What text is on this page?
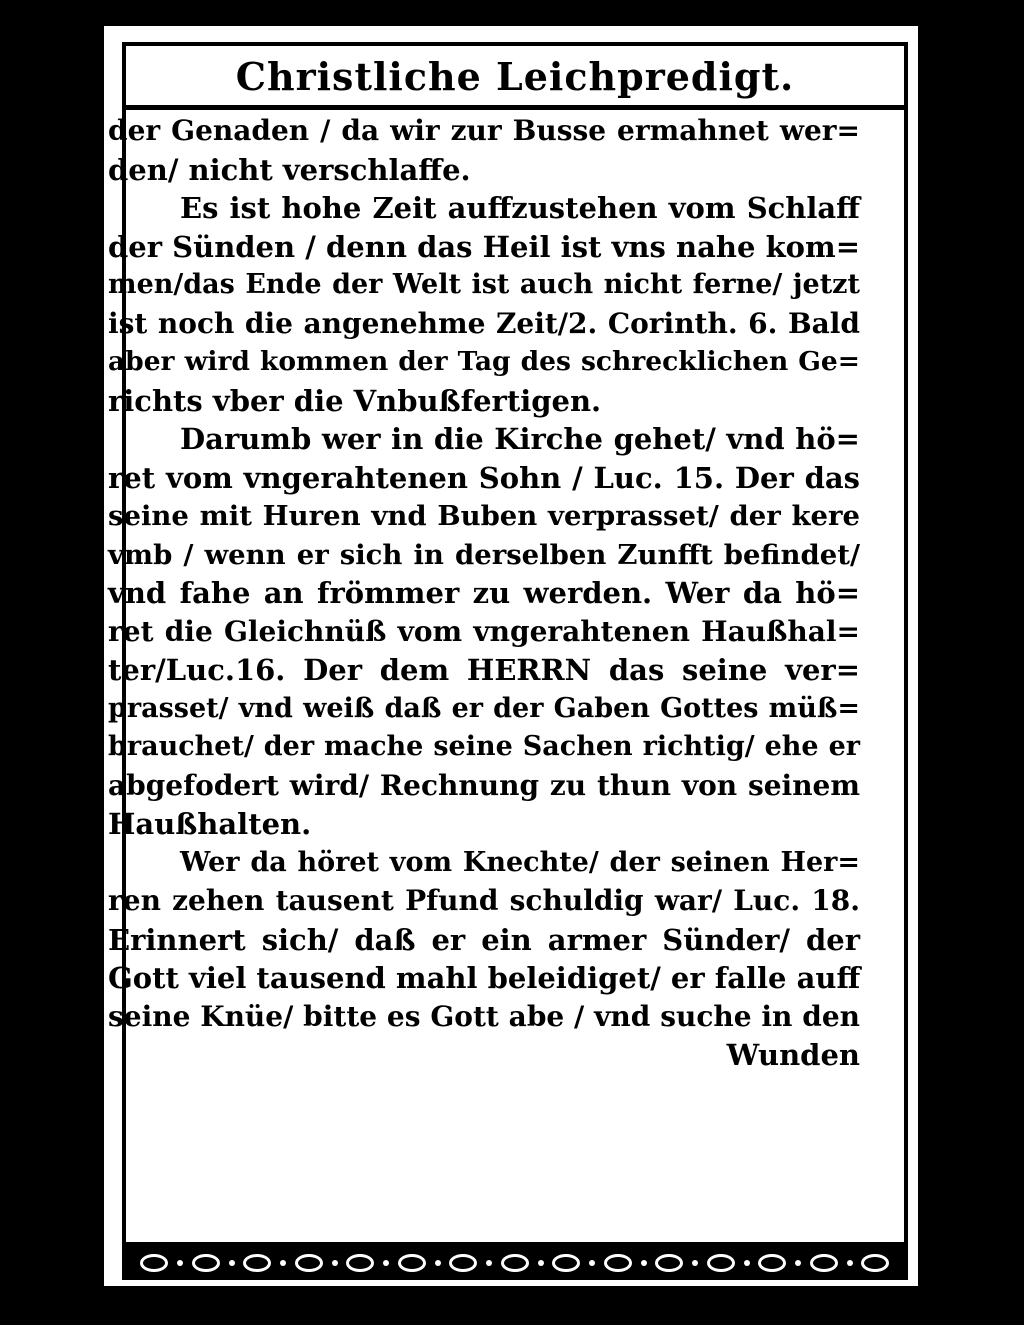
Christliche Leichpredigt.
der Genaden / da wir zur Busse ermahnet wer=
den/ nicht verschlaffe.
Es ist hohe Zeit auffzustehen vom Schlaff
der Sünden / denn das Heil ist vns nahe kom=
men/das Ende der Welt ist auch nicht ferne/ jetzt
ist noch die angenehme Zeit/2. Corinth. 6. Bald
aber wird kommen der Tag des schrecklichen Ge=
richts vber die Vnbußfertigen.
Darumb wer in die Kirche gehet/ vnd hö=
ret vom vngerahtenen Sohn / Luc. 15. Der das
seine mit Huren vnd Buben verprasset/ der kere
vmb / wenn er sich in derselben Zunfft befindet/
vnd fahe an frömmer zu werden. Wer da hö=
ret die Gleichnüß vom vngerahtenen Haußhal=
ter/Luc.16. Der dem HERRN das seine ver=
prasset/ vnd weiß daß er der Gaben Gottes müß=
brauchet/ der mache seine Sachen richtig/ ehe er
abgefodert wird/ Rechnung zu thun von seinem
Haußhalten.
Wer da höret vom Knechte/ der seinen Her=
ren zehen tausent Pfund schuldig war/ Luc. 18.
Erinnert sich/ daß er ein armer Sünder/ der
Gott viel tausend mahl beleidiget/ er falle auff
seine Knüe/ bitte es Gott abe / vnd suche in den
Wunden
